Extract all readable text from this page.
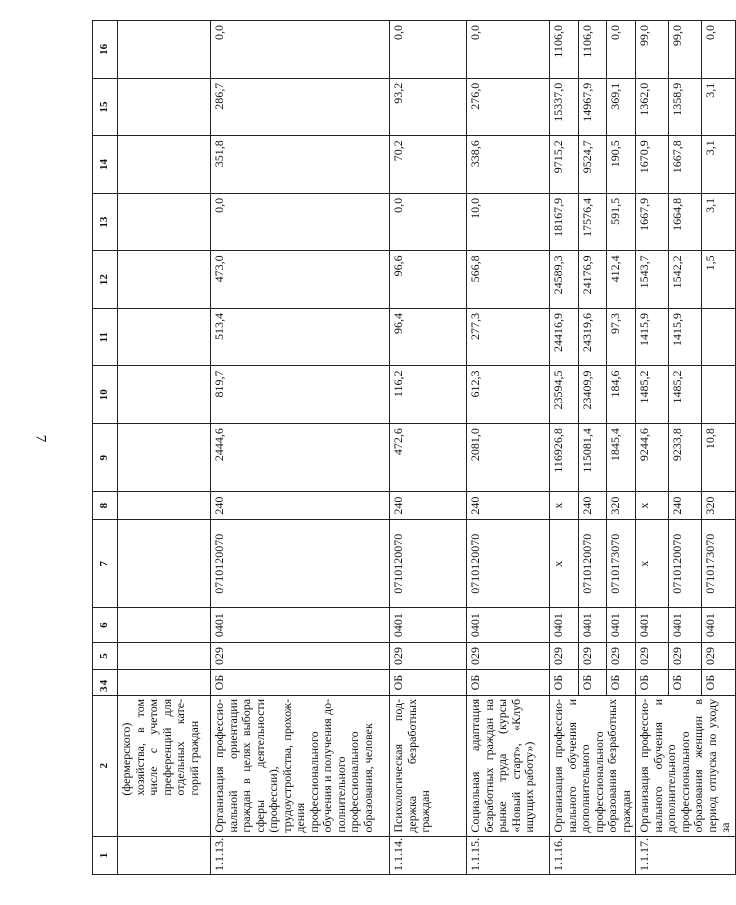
7
1	2	3	4	5	6	7	8	9	10	11	12	13	14	15	16
	(фермерского) хозяйства, в том числе с учетом преференций для отдельных категорий граждан														
1.1.13.	Организация профессиональной ориентации граждан в целях выбора сферы деятельности (профессии), трудоустройства, прохождения профессионального обучения и получения дополнительного профессионального образования, человек	ОБ	029	0401	0710120070	240	2444,6	819,7	513,4	473,0	0,0	351,8	286,7	0,0
1.1.14.	Психологическая поддержка безработных граждан	ОБ	029	0401	0710120070	240	472,6	116,2	96,4	96,6	0,0	70,2	93,2	0,0
1.1.15.	Социальная адаптация безработных граждан на рынке труда (курсы «Новый старт», «Клуб ищущих работу»)	ОБ	029	0401	0710120070	240	2081,0	612,3	277,3	566,8	10,0	338,6	276,0	0,0
1.1.16.	Организация профессионального обучения и дополнительного профессионального образования безработных граждан	ОБ	029	0401	x	x	116926,8	23594,5	24416,9	24589,3	18167,9	9715,2	15337,0	1106,0
		ОБ	029	0401	0710120070	240	115081,4	23409,9	24319,6	24176,9	17576,4	9524,7	14967,9	1106,0
		ОБ	029	0401	0710173070	320	1845,4	184,6	97,3	412,4	591,5	190,5	369,1	0,0
1.1.17.	Организация профессионального обучения и дополнительного профессионального образования женщин в период отпуска по уходу за	ОБ	029	0401	x	x	9244,6	1485,2	1415,9	1543,7	1667,9	1670,9	1362,0	99,0
		ОБ	029	0401	0710120070	240	9233,8	1485,2	1415,9	1542,2	1664,8	1667,8	1358,9	99,0
		ОБ	029	0401	0710173070	320	10,8			1,5	3,1	3,1	3,1	0,0
